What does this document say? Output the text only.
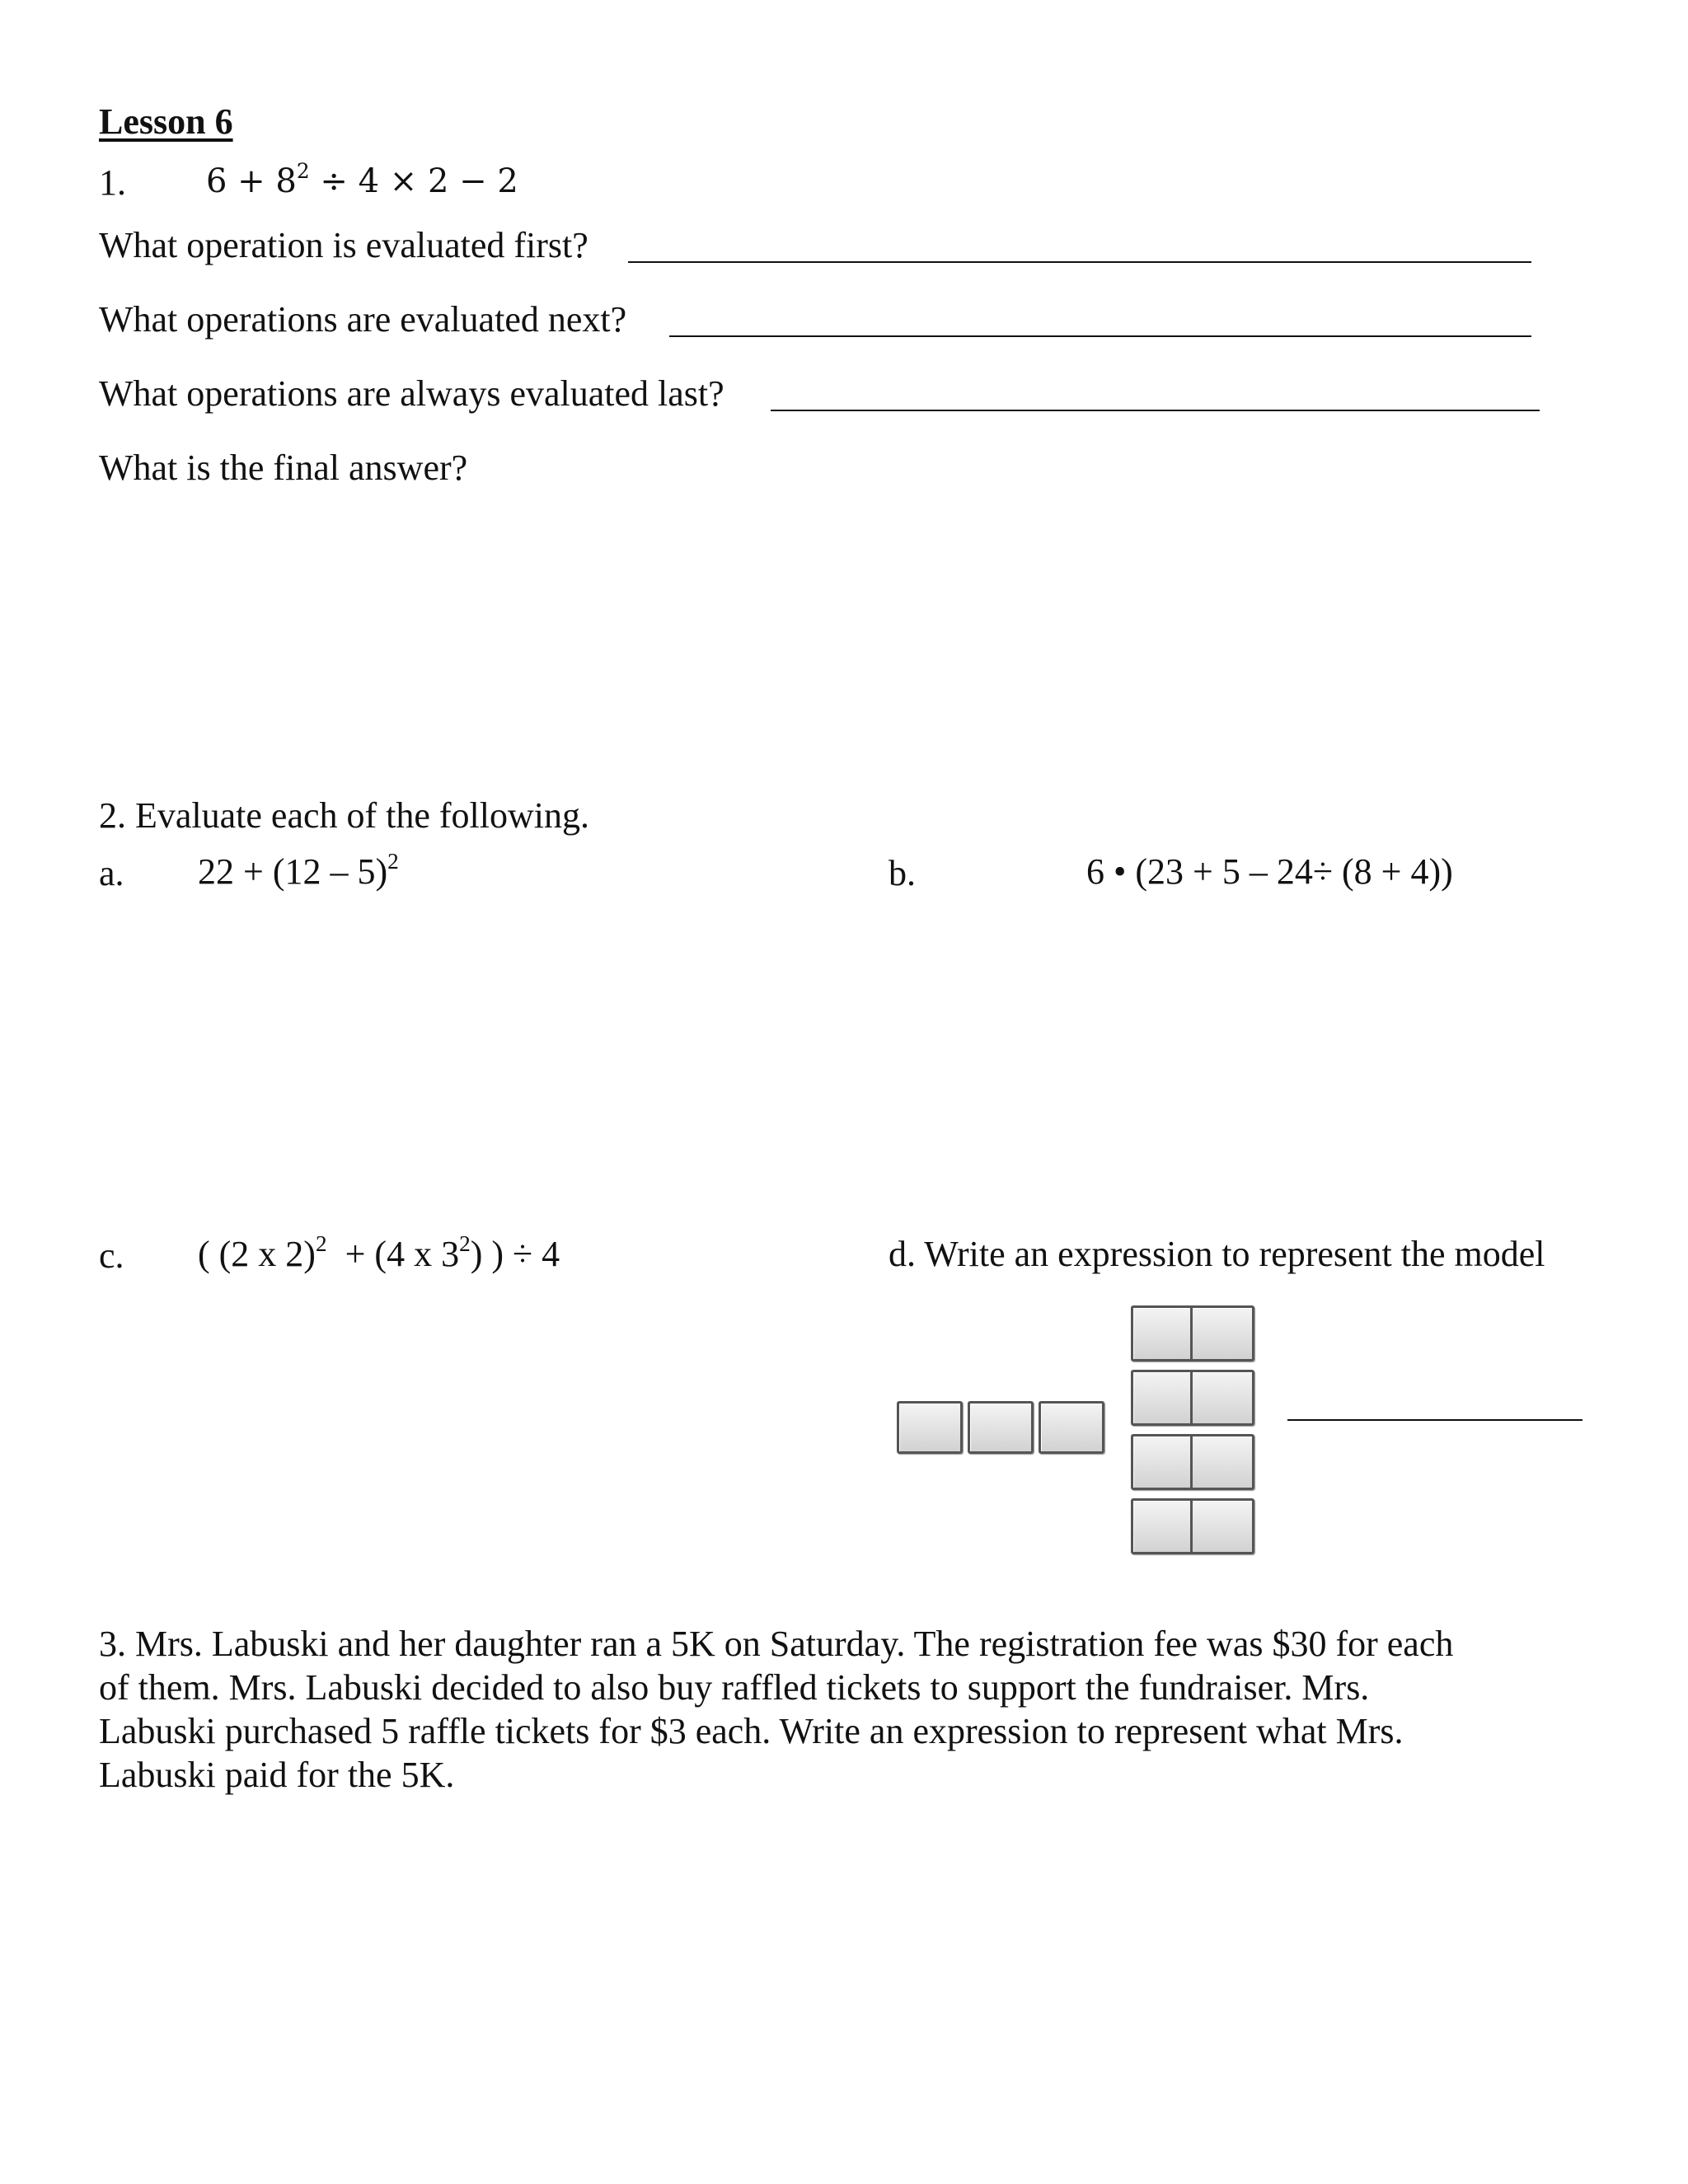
Lesson 6
1. $6 + 8^2 \div 4 \times 2 - 2$
What operation is evaluated first?
What operations are evaluated next?
What operations are always evaluated last?
What is the final answer?
2. Evaluate each of the following.
a. 22 + (12 – 5)$^2$	b.	6 • (23 + 5 – 24÷ (8 + 4))
c. ( (2 x 2)$^2$  + (4 x $3^2$) ) ÷ 4	d. Write an expression to represent the model
3. Mrs. Labuski and her daughter ran a 5K on Saturday. The registration fee was $30 for each
of them. Mrs. Labuski decided to also buy raffled tickets to support the fundraiser. Mrs.
Labuski purchased 5 raffle tickets for $3 each. Write an expression to represent what Mrs.
Labuski paid for the 5K.
